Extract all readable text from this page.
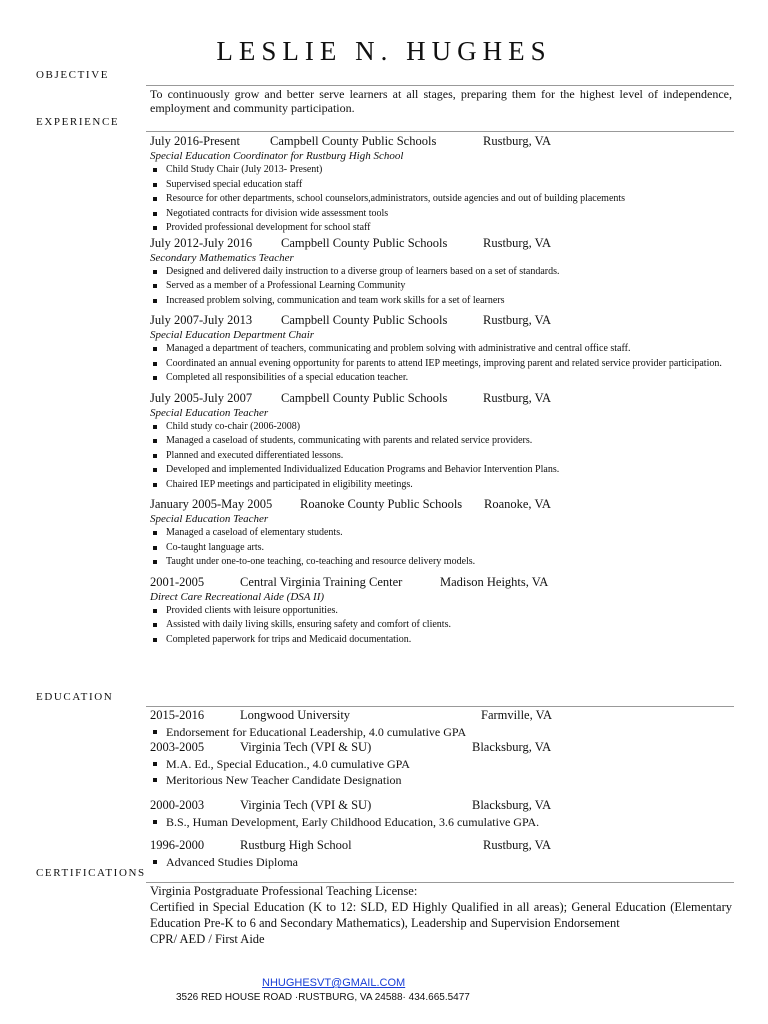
LESLIE N. HUGHES
OBJECTIVE
To continuously grow and better serve learners at all stages, preparing them for the highest level of independence, employment and community participation.
EXPERIENCE
July 2016-Present Campbell County Public Schools	Rustburg, VA
Special Education Coordinator for Rustburg High School
Child Study Chair (July 2013- Present)
Supervised special education staff
Resource for other departments, school counselors,administrators, outside agencies and out of building placements
Negotiated contracts for division wide assessment tools
Provided professional development for school staff
July 2012-July 2016 Campbell County Public Schools	Rustburg, VA
Secondary Mathematics Teacher
Designed and delivered daily instruction to a diverse group of learners based on a set of standards.
Served as a member of a Professional Learning Community
Increased problem solving, communication and team work skills for a set of learners
July 2007-July 2013 Campbell County Public Schools	Rustburg, VA
Special Education Department Chair
Managed a department of teachers, communicating and problem solving with administrative and central office staff.
Coordinated an annual evening opportunity for parents to attend IEP meetings, improving parent and related service provider participation.
Completed all responsibilities of a special education teacher.
July 2005-July 2007 Campbell County Public Schools	Rustburg, VA
Special Education Teacher
Child study co-chair (2006-2008)
Managed a caseload of students, communicating with parents and related service providers.
Planned and executed differentiated lessons.
Developed and implemented Individualized Education Programs and Behavior Intervention Plans.
Chaired IEP meetings and participated in eligibility meetings.
January 2005-May 2005 Roanoke County Public Schools Roanoke, VA
Special Education Teacher
Managed a caseload of elementary students.
Co-taught language arts.
Taught under one-to-one teaching, co-teaching and resource delivery models.
2001-2005	Central Virginia Training Center	Madison Heights, VA
Direct Care Recreational Aide (DSA II)
Provided clients with leisure opportunities.
Assisted with daily living skills, ensuring safety and comfort of clients.
Completed paperwork for trips and Medicaid documentation.
EDUCATION
2015-2016	Longwood University	Farmville, VA
Endorsement for Educational Leadership, 4.0 cumulative GPA
2003-2005	Virginia Tech (VPI & SU)	Blacksburg, VA
M.A. Ed., Special Education., 4.0 cumulative GPA
Meritorious New Teacher Candidate Designation
2000-2003	Virginia Tech (VPI & SU)	Blacksburg, VA
B.S., Human Development, Early Childhood Education, 3.6 cumulative GPA.
1996-2000	Rustburg High School	Rustburg, VA
Advanced Studies Diploma
CERTIFICATIONS
Virginia Postgraduate Professional Teaching License:
Certified in Special Education (K to 12: SLD, ED Highly Qualified in all areas); General Education (Elementary Education Pre-K to 6 and Secondary Mathematics), Leadership and Supervision Endorsement
CPR/ AED / First Aide
NHUGHESVT@GMAIL.COM
3526 RED HOUSE ROAD ·RUSTBURG, VA 24588· 434.665.5477
